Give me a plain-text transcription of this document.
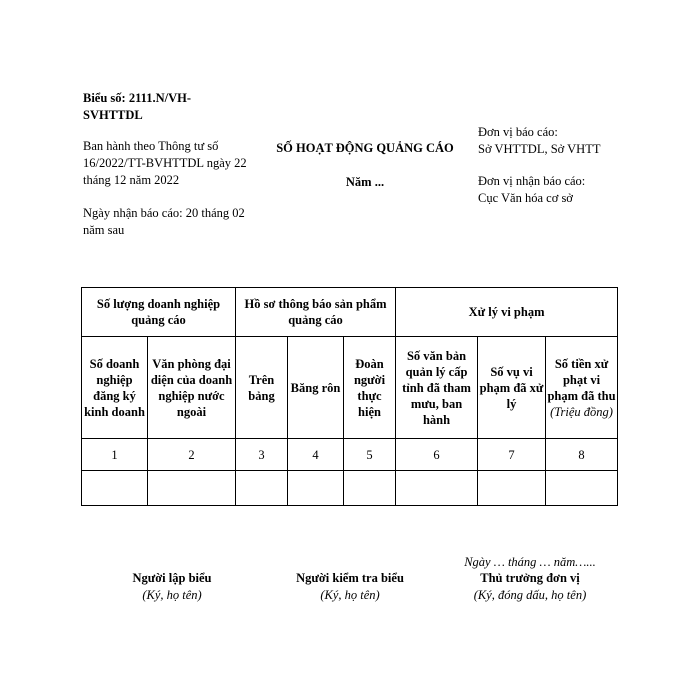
Biểu số: 2111.N/VH-SVHTTDL
Ban hành theo Thông tư số 16/2022/TT-BVHTTDL ngày 22 tháng 12 năm 2022
Ngày nhận báo cáo: 20 tháng 02 năm sau
SỐ HOẠT ĐỘNG QUẢNG CÁO
Năm ...
Đơn vị báo cáo:
Sở VHTTDL, Sở VHTT
Đơn vị nhận báo cáo:
Cục Văn hóa cơ sở
Số lượng doanh nghiệp quảng cáo		Hồ sơ thông báo sản phẩm quảng cáo			Xử lý vi phạm		
Số doanh nghiệp đăng ký kinh doanh	Văn phòng đại diện của doanh nghiệp nước ngoài	Trên bảng	Băng rôn	Đoàn người thực hiện	Số văn bản quản lý cấp tỉnh đã tham mưu, ban hành	Số vụ vi phạm đã xử lý	Số tiền xử phạt vi phạm đã thu
(Triệu đồng)

1	2	3	4	5	6	7	8

Ngày … tháng … năm…...
Người lập biểu
(Ký, họ tên)
Người kiểm tra biểu
(Ký, họ tên)
Thủ trưởng đơn vị
(Ký, đóng dấu, họ tên)
